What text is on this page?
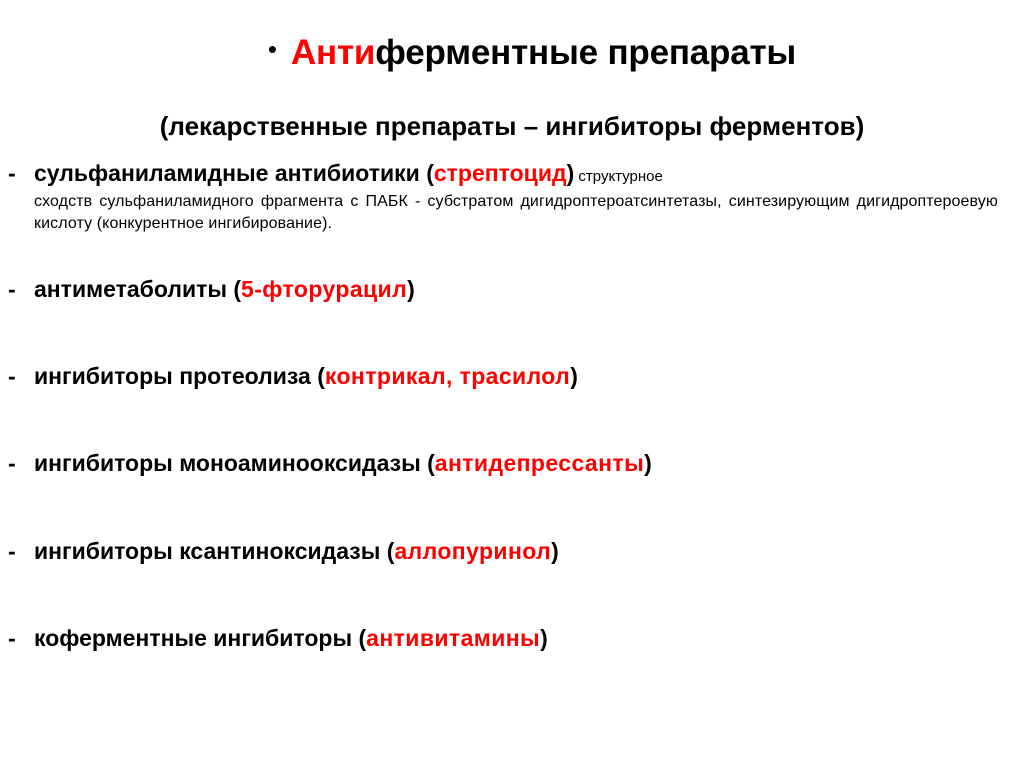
• Антиферментные препараты
(лекарственные препараты – ингибиторы ферментов)
- сульфаниламидные антибиотики (стрептоцид) структурное
сходств сульфаниламидного фрагмента с ПАБК - субстратом дигидроптероатсинтетазы, синтезирующим дигидроптероевую кислоту (конкурентное ингибирование).
- антиметаболиты (5-фторурацил)
- ингибиторы протеолиза (контрикал, трасилол)
- ингибиторы моноаминооксидазы (антидепрессанты)
- ингибиторы ксантиноксидазы (аллопуринол)
- коферментные ингибиторы (антивитамины)
